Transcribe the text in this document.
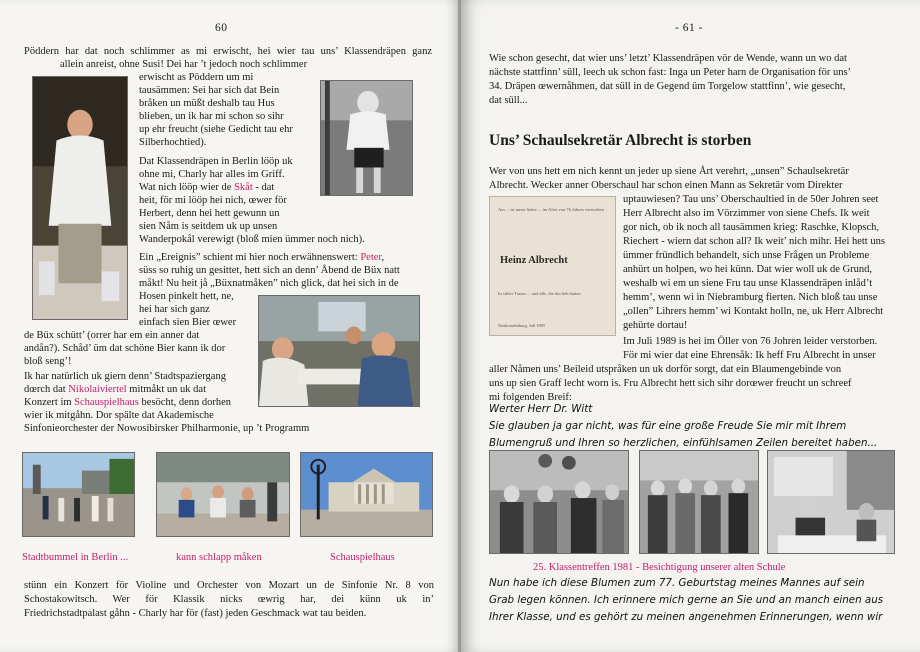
60
Pöddern har dat noch schlimmer as mi erwischt, hei wier tau uns’ Klassendräpen ganz
allein anreist, ohne Susi! Dei har ’t jedoch noch schlimmer
erwischt as Pöddern um mi
tausämmen: Sei har sich dat Bein
bråken un müßt deshalb tau Hus
blieben, un ik har mi schon so sihr
up ehr freucht (siehe Gedicht tau ehr
Silberhochtied).
Dat Klassendräpen in Berlin lööp uk
ohne mi, Charly har alles im Griff.
Wat nich lööp wier de Skåt - dat
heit, för mi lööp hei nich, œwer för
Herbert, denn hei hett gewunn un
sien Nåm is seitdem uk up unsen
Wanderpokål verewigt (bloß mien ümmer noch nich).
Ein „Ereignis” schient mi hier noch erwähnenswert: Peter,
süss so ruhig un gesittet, hett sich an denn’ Åbend de Büx natt
måkt! Nu heit jå „Büxnatmåken” nich glick, dat hei sich in de
Hosen pinkelt hett, ne,
hei har sich ganz
einfach sien Bier œwer
de Büx schütt’ (orrer har em ein anner dat
andån?). Schåd’ üm dat schöne Bier kann ik dor
bloß seng’!
Ik har natürlich uk giern denn’ Stadtspaziergang
dœrch dat Nikolaiviertel mitmåkt un uk dat
Konzert im Schauspielhaus besöcht, denn dorhen
wier ik mitgåhn. Dor spälte dat Akademische
Sinfonieorchester der Nowosibirsker Philharmonie, up ’t Programm
Stadtbummel in Berlin ...	kann schlapp måken	Schauspielhaus
stünn ein Konzert för Violine und Orchester von Mozart un de Sinfonie Nr. 8 von
Schostakowitsch. Wer för Klassik nicks œwrig har, dei künn uk in’
Friedrichstadtpalast gåhn - Charly har för (fast) jeden Geschmack wat tau beiden.
- 61 -
Wie schon gesecht, dat wier uns’ letzt’ Klassendräpen vör de Wende, wann un wo dat
nächste stattfinn’ süll, leech uk schon fast: Inga un Peter harn de Organisation för uns’
34. Dräpen œwernåhmen, dat süll in de Gegend üm Torgelow stattfinn’, wie gesecht,
dat süll...
Uns’ Schaulsekretär Albrecht is storben
Wer von uns hett em nich kennt un jeder up siene Årt verehrt, „unsen” Schaulsekretär
Albrecht. Wecker anner Oberschaul har schon einen Mann as Sekretär vom Direkter
uptauwiesen? Tau uns’ Oberschaultied in de 50er Johren seet
Herr Albrecht also im Vörzimmer von siene Chefs. Ik weit
gor nich, ob ik noch all tausämmen krieg: Raschke, Klopsch,
Riechert - wiern dat schon all? Ik weit’ nich mihr. Hei hett uns
ümmer fründlich behandelt, sich unse Frågen un Probleme
anhürt un holpen, wo hei künn. Dat wier woll uk de Grund,
weshalb wi em un siene Fru tau unse Klassendräpen inlåd’t
hemm’, wenn wi in Niebramburg fierten. Nich bloß tau unse
„ollen” Lihrers hemm’ wi Kontakt holln, ne, uk Herr Albrecht
gehürte dortau!
Im Juli 1989 is hei im Öller von 76 Johren leider verstorben.
För mi wier dat eine Ehrensåk: Ik heff Fru Albrecht in unser
aller Nåmen uns’ Beileid utspråken un uk dorför sorgt, dat ein Blaumengebinde von
uns up sien Graff lecht worn is. Fru Albrecht hett sich sihr dorœwer freucht un schreef
mi folgenden Breif:
Am ... ist unser lieber ... im Alter von 76 Jahren verstorben
Heinz Albrecht
In stiller Trauer ... und alle, die ihn lieb hatten
Neubrandenburg, Juli 1989
Werter Herr Dr. Witt
Sie glauben ja gar nicht, was für eine große Freude Sie mir mit Ihrem
Blumengruß und Ihren so herzlichen, einfühlsamen Zeilen bereitet haben...
25. Klassentreffen 1981 - Besichtigung unserer alten Schule
Nun habe ich diese Blumen zum 77. Geburtstag meines Mannes auf sein
Grab legen können. Ich erinnere mich gerne an Sie und an manch einen aus
Ihrer Klasse, und es gehört zu meinen angenehmen Erinnerungen, wenn wir
